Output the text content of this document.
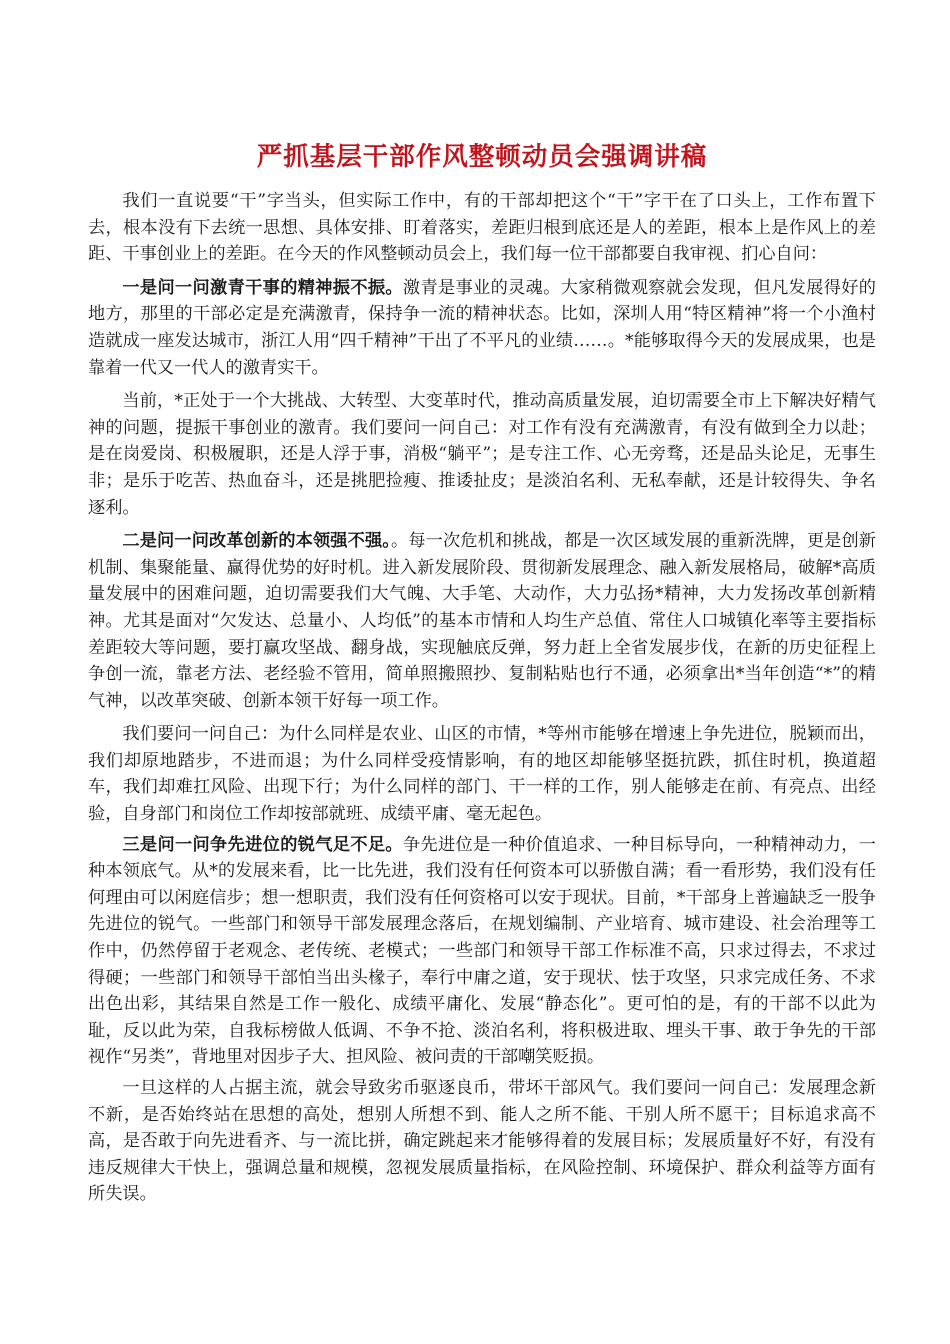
严抓基层干部作风整顿动员会强调讲稿

我们一直说要“干”字当头，但实际工作中，有的干部却把这个“干”字干在了口头上，工作布置下去，根本没有下去统一思想、具体安排、盯着落实，差距归根到底还是人的差距，根本上是作风上的差距、干事创业上的差距。在今天的作风整顿动员会上，我们每一位干部都要自我审视、扪心自问：

一是问一问激青干事的精神振不振。激青是事业的灵魂。大家稍微观察就会发现，但凡发展得好的地方，那里的干部必定是充满激青，保持争一流的精神状态。比如，深圳人用“特区精神”将一个小渔村造就成一座发达城市，浙江人用“四千精神”干出了不平凡的业绩……。*能够取得今天的发展成果，也是靠着一代又一代人的激青实干。

当前，*正处于一个大挑战、大转型、大变革时代，推动高质量发展，迫切需要全市上下解决好精气神的问题，提振干事创业的激青。我们要问一问自己：对工作有没有充满激青，有没有做到全力以赴；是在岗爱岗、积极履职，还是人浮于事，消极“躺平”；是专注工作、心无旁骛，还是品头论足，无事生非；是乐于吃苦、热血奋斗，还是挑肥捡瘦、推诿扯皮；是淡泊名利、无私奉献，还是计较得失、争名逐利。

二是问一问改革创新的本领强不强。。每一次危机和挑战，都是一次区域发展的重新洗牌，更是创新机制、集聚能量、赢得优势的好时机。进入新发展阶段、贯彻新发展理念、融入新发展格局，破解*高质量发展中的困难问题，迫切需要我们大气魄、大手笔、大动作，大力弘扬*精神，大力发扬改革创新精神。尤其是面对“欠发达、总量小、人均低”的基本市情和人均生产总值、常住人口城镇化率等主要指标差距较大等问题，要打赢攻坚战、翻身战，实现触底反弹，努力赶上全省发展步伐，在新的历史征程上争创一流，靠老方法、老经验不管用，简单照搬照抄、复制粘贴也行不通，必须拿出*当年创造“*”的精气神，以改革突破、创新本领干好每一项工作。

我们要问一问自己：为什么同样是农业、山区的市情，*等州市能够在增速上争先进位，脱颖而出，我们却原地踏步，不进而退；为什么同样受疫情影响，有的地区却能够坚挺抗跌，抓住时机，换道超车，我们却难扛风险、出现下行；为什么同样的部门、干一样的工作，别人能够走在前、有亮点、出经验，自身部门和岗位工作却按部就班、成绩平庸、毫无起色。

三是问一问争先进位的锐气足不足。争先进位是一种价值追求、一种目标导向，一种精神动力，一种本领底气。从*的发展来看，比一比先进，我们没有任何资本可以骄傲自满；看一看形势，我们没有任何理由可以闲庭信步；想一想职责，我们没有任何资格可以安于现状。目前，*干部身上普遍缺乏一股争先进位的锐气。一些部门和领导干部发展理念落后，在规划编制、产业培育、城市建设、社会治理等工作中，仍然停留于老观念、老传统、老模式；一些部门和领导干部工作标准不高，只求过得去，不求过得硬；一些部门和领导干部怕当出头椽子，奉行中庸之道，安于现状、怯于攻坚，只求完成任务、不求出色出彩，其结果自然是工作一般化、成绩平庸化、发展“静态化”。更可怕的是，有的干部不以此为耻，反以此为荣，自我标榜做人低调、不争不抢、淡泊名利，将积极进取、埋头干事、敢于争先的干部视作“另类”，背地里对因步子大、担风险、被问责的干部嘲笑贬损。

一旦这样的人占据主流，就会导致劣币驱逐良币，带坏干部风气。我们要问一问自己：发展理念新不新，是否始终站在思想的高处，想别人所想不到、能人之所不能、干别人所不愿干；目标追求高不高，是否敢于向先进看齐、与一流比拼，确定跳起来才能够得着的发展目标；发展质量好不好，有没有违反规律大干快上，强调总量和规模，忽视发展质量指标，在风险控制、环境保护、群众利益等方面有所失误。
